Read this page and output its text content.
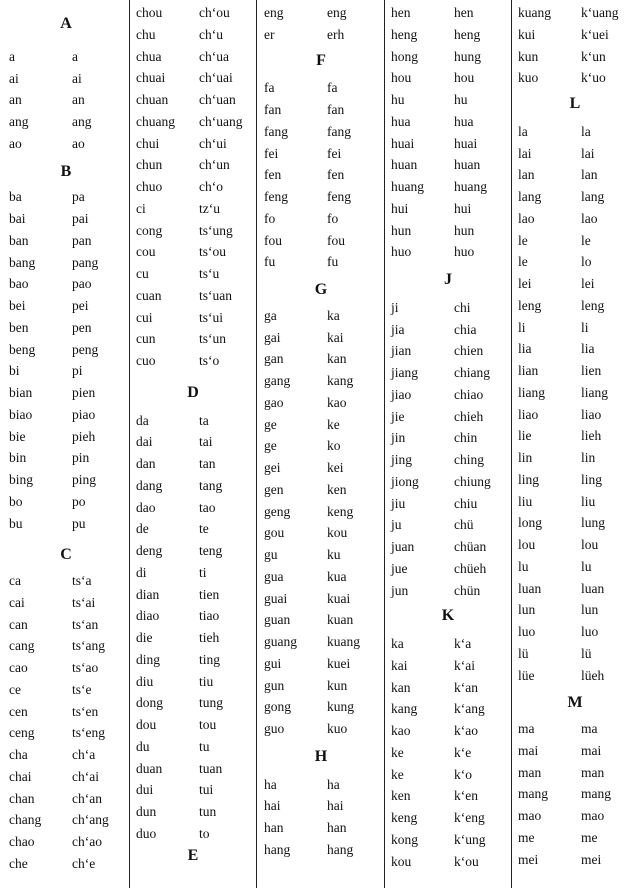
A
a	a
ai	ai
an	an
ang	ang
ao	ao
B
ba	pa
bai	pai
ban	pan
bang	pang
bao	pao
bei	pei
ben	pen
beng	peng
bi	pi
bian	pien
biao	piao
bie	pieh
bin	pin
bing	ping
bo	po
bu	pu
C
ca	ts‘a
cai	ts‘ai
can	ts‘an
cang	ts‘ang
cao	ts‘ao
ce	ts‘e
cen	ts‘en
ceng	ts‘eng
cha	ch‘a
chai	ch‘ai
chan	ch‘an
chang ch‘ang
chao	ch‘ao
che	ch‘e
chou	ch‘ou
chu	ch‘u
chua	ch‘ua
chuai	ch‘uai
chuan ch‘uan
chuang ch‘uang
chui	ch‘ui
chun	ch‘un
chuo	ch‘o
ci	tz‘u
cong	ts‘ung
cou	ts‘ou
cu	ts‘u
cuan	ts‘uan
cui	ts‘ui
cun	ts‘un
cuo	ts‘o
D
da	ta
dai	tai
dan	tan
dang	tang
dao	tao
de	te
deng	teng
di	ti
dian	tien
diao	tiao
die	tieh
ding	ting
diu	tiu
dong	tung
dou	tou
du	tu
duan	tuan
dui	tui
dun	tun
duo	to
E
eng	eng
er	erh
F
fa	fa
fan	fan
fang	fang
fei	fei
fen	fen
feng	feng
fo	fo
fou	fou
fu	fu
G
ga	ka
gai	kai
gan	kan
gang	kang
gao	kao
ge	ke
ge	ko
gei	kei
gen	ken
geng	keng
gou	kou
gu	ku
gua	kua
guai	kuai
guan	kuan
guang kuang
gui	kuei
gun	kun
gong	kung
guo	kuo
H
ha	ha
hai	hai
han	han
hang	hang
hen	hen
heng	heng
hong	hung
hou	hou
hu	hu
hua	hua
huai	huai
huan	huan
huang huang
hui	hui
hun	hun
huo	huo
J
ji	chi
jia	chia
jian	chien
jiang	chiang
jiao	chiao
jie	chieh
jin	chin
jing	ching
jiong	chiung
jiu	chiu
ju	chü
juan	chüan
jue	chüeh
jun	chün
K
ka	k‘a
kai	k‘ai
kan	k‘an
kang	k‘ang
kao	k‘ao
ke	k‘e
ke	k‘o
ken	k‘en
keng	k‘eng
kong	k‘ung
kou	k‘ou
kuang k‘uang
kui	k‘uei
kun	k‘un
kuo	k‘uo
L
la	la
lai	lai
lan	lan
lang	lang
lao	lao
le	le
le	lo
lei	lei
leng	leng
li	li
lia	lia
lian	lien
liang	liang
liao	liao
lie	lieh
lin	lin
ling	ling
liu	liu
long	lung
lou	lou
lu	lu
luan	luan
lun	lun
luo	luo
lü	lü
lüe	lüeh
M
ma	ma
mai	mai
man	man
mang mang
mao	mao
me	me
mei	mei
